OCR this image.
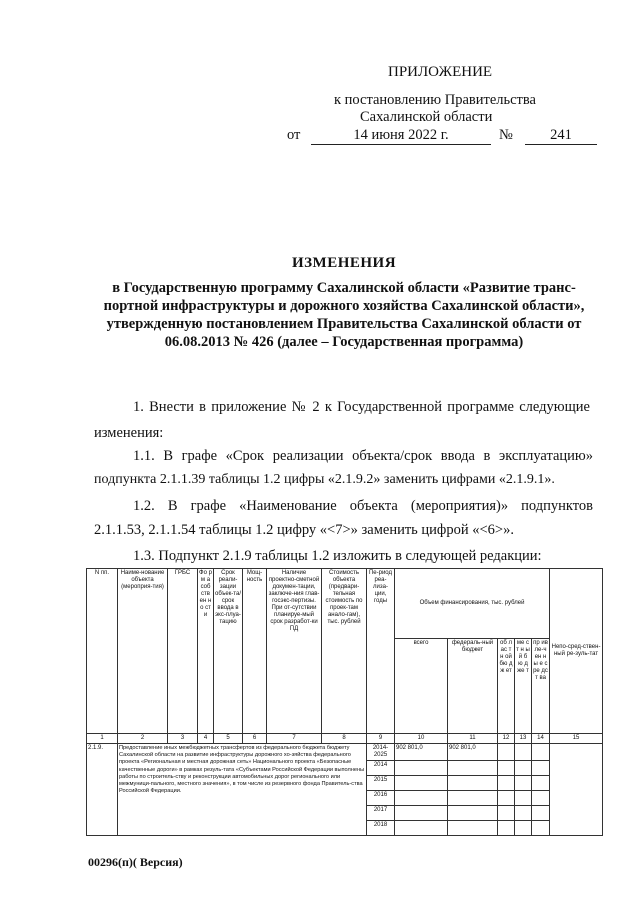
ПРИЛОЖЕНИЕ
к постановлению Правительства
Сахалинской области
от	14 июня 2022 г.	№	241
ИЗМЕНЕНИЯ
в Государственную программу Сахалинской области «Развитие транс-
портной инфраструктуры и дорожного хозяйства Сахалинской области»,
утвержденную постановлением Правительства Сахалинской области от
06.08.2013 № 426 (далее – Государственная программа)
1. Внести в приложение № 2 к Государственной программе следующие
изменения:
1.1. В графе «Срок реализации объекта/срок ввода в эксплуатацию»
подпункта 2.1.1.39 таблицы 1.2 цифры «2.1.9.2» заменить цифрами «2.1.9.1».
1.2. В графе «Наименование объекта (мероприятия)» подпунктов
2.1.1.53, 2.1.1.54 таблицы 1.2 цифру «<7>» заменить цифрой «<6>».
1.3. Подпункт 2.1.9 таблицы 1.2 изложить в следующей редакции:
N пп.	Наиме-нование объекта (мероприя-тия)	ГРБС	Фо рм а соб ств ен но сти	Срок реали-зации объек-та/срок ввода в экс-плуа-тацию	Мощ-ность	Наличие проектно-сметной докумен-тации, заключе-ния глав-госэкс-пертизы. При от-сутствии планируе-мый срок разработ-ки ПД	Стоимость объекта (предвари-тельная стоимость по проек-там анало-гам), тыс. рублей	Пе-риод реа-лиза-ции, годы	Объем финансирования, тыс. рублей					Непо-сред-ствен-ный ре-зуль-тат
									всего	федераль-ный бюджет	об лас тн ой бю дж ет	ме ст н ы й б ю д же т	пр ив ле-чен ны е сре дст ва	
1	2	3	4	5	6	7	8	9	10	11	12	13	14	15
2.1.9.	Предоставление иных межбюджетных трансфертов из федерального бюджета бюджету Сахалинской области на развитие инфраструктуры дорожного хо-зяйства федерального проекта «Региональная и местная дорожная сеть» Национального проекта «Безопасные качественные дороги» в рамках резуль-тата «Субъектами Российской Федерации выполнены работы по строитель-ству и реконструкции автомобильных дорог регионального или межмуници-пального, местного значения», в том числе из резервного фонда Правитель-ства Российской Федерации.							2014-2025	902 801,0	902 801,0				
								2014						
								2015						
								2016						
								2017						
								2018						
00296(п)( Версия)
